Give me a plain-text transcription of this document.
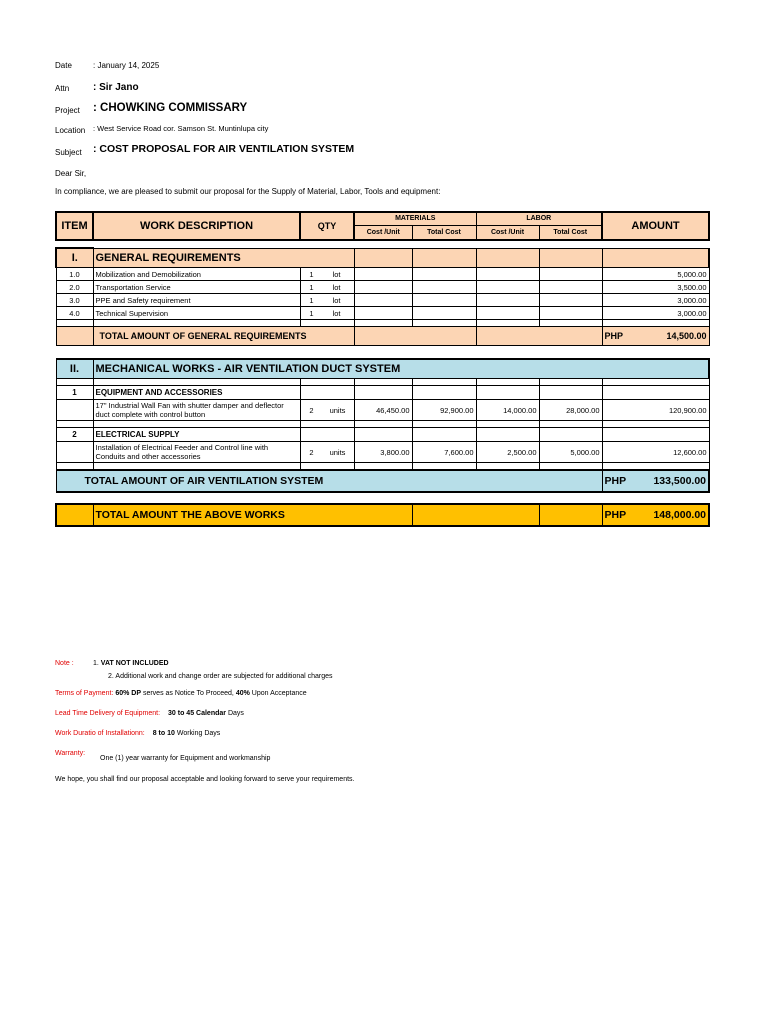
Date	: January 14, 2025
Attn : Sir Jano
Project : CHOWKING COMMISSARY
Location : West Service Road cor. Samson St. Muntinlupa city
Subject : COST PROPOSAL FOR AIR VENTILATION SYSTEM
Dear Sir,
In compliance, we are pleased to submit our proposal for the Supply of Material, Labor, Tools and equipment:
ITEM	WORK DESCRIPTION	QTY	MATERIALS		LABOR		AMOUNT
			Cost /Unit	Total Cost	Cost /Unit	Total Cost	

I.	GENERAL REQUIREMENTS						
1.0	Mobilization and Demobilization	1 lot					5,000.00
2.0	Transportation Service	1 lot					3,500.00
3.0	PPE and Safety requirement	1 lot					3,000.00
4.0	Technical Supervision	1 lot					3,000.00

	TOTAL AMOUNT OF GENERAL REQUIREMENTS						PHP 14,500.00

II.	MECHANICAL WORKS - AIR VENTILATION DUCT SYSTEM						

1	EQUIPMENT AND ACCESSORIES						
	17" Industrial Wall Fan with shutter damper and deflector duct complete with control button	2 units	46,450.00	92,900.00	14,000.00	28,000.00	120,900.00

2	ELECTRICAL SUPPLY						
	Installation of Electrical Feeder and Control line with Conduits and other accessories	2 units	3,800.00	7,600.00	2,500.00	5,000.00	12,600.00

TOTAL AMOUNT OF AIR VENTILATION SYSTEM							PHP 133,500.00

	TOTAL AMOUNT THE ABOVE WORKS						PHP 148,000.00
Note :	1. VAT NOT INCLUDED
2. Additional work and change order are subjected for additional charges
Terms of Payment: 60% DP serves as Notice To Proceed, 40% Upon Acceptance
Lead Time Delivery of Equipment: 30 to 45 Calendar Days
Work Duratio of Installationn: 8 to 10 Working Days
Warranty:
One (1) year warranty for Equipment and workmanship
We hope, you shall find our proposal acceptable and looking forward to serve your requirements.
